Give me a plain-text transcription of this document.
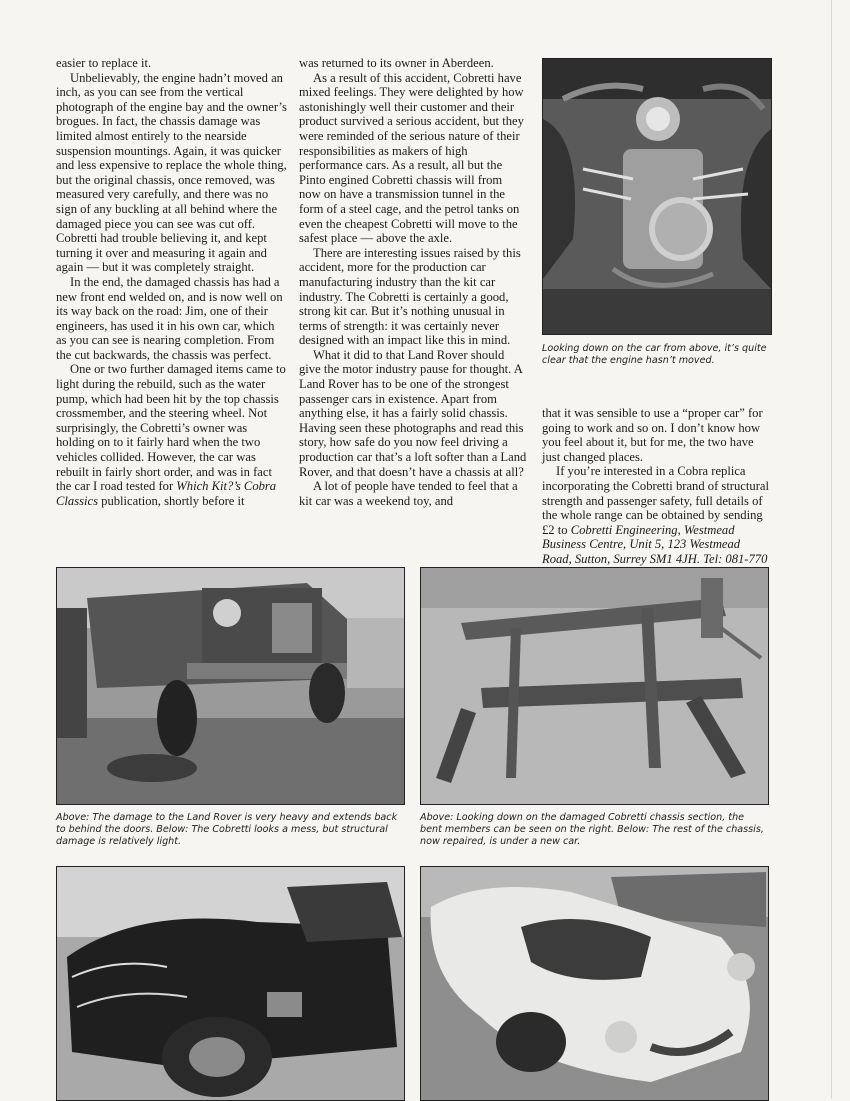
easier to replace it.

Unbelievably, the engine hadn’t moved an inch, as you can see from the vertical photograph of the engine bay and the owner’s brogues. In fact, the chassis damage was limited almost entirely to the nearside suspension mountings. Again, it was quicker and less expensive to replace the whole thing, but the original chassis, once removed, was measured very carefully, and there was no sign of any buckling at all behind where the damaged piece you can see was cut off. Cobretti had trouble believing it, and kept turning it over and measuring it again and again — but it was completely straight.

In the end, the damaged chassis has had a new front end welded on, and is now well on its way back on the road: Jim, one of their engineers, has used it in his own car, which as you can see is nearing completion. From the cut backwards, the chassis was perfect.

One or two further damaged items came to light during the rebuild, such as the water pump, which had been hit by the top chassis crossmember, and the steering wheel. Not surprisingly, the Cobretti’s owner was holding on to it fairly hard when the two vehicles collided. However, the car was rebuilt in fairly short order, and was in fact the car I road tested for Which Kit?’s Cobra Classics publication, shortly before it

was returned to its owner in Aberdeen.

As a result of this accident, Cobretti have mixed feelings. They were delighted by how astonishingly well their customer and their product survived a serious accident, but they were reminded of the serious nature of their responsibilities as makers of high performance cars. As a result, all but the Pinto engined Cobretti chassis will from now on have a transmission tunnel in the form of a steel cage, and the petrol tanks on even the cheapest Cobretti will move to the safest place — above the axle.

There are interesting issues raised by this accident, more for the production car manufacturing industry than the kit car industry. The Cobretti is certainly a good, strong kit car. But it’s nothing unusual in terms of strength: it was certainly never designed with an impact like this in mind.

What it did to that Land Rover should give the motor industry pause for thought. A Land Rover has to be one of the strongest passenger cars in existence. Apart from anything else, it has a fairly solid chassis. Having seen these photographs and read this story, how safe do you now feel driving a production car that’s a loft softer than a Land Rover, and that doesn’t have a chassis at all?

A lot of people have tended to feel that a kit car was a weekend toy, and

Looking down on the car from above, it’s quite clear that the engine hasn’t moved.

that it was sensible to use a “proper car” for going to work and so on. I don’t know how you feel about it, but for me, the two have just changed places.

If you’re interested in a Cobra replica incorporating the Cobretti brand of structural strength and passenger safety, full details of the whole range can be obtained by sending £2 to Cobretti Engineering, Westmead Business Centre, Unit 5, 123 Westmead Road, Sutton, Surrey SM1 4JH. Tel: 081-770

Above: The damage to the Land Rover is very heavy and extends back to behind the doors. Below: The Cobretti looks a mess, but structural damage is relatively light.
Above: Looking down on the damaged Cobretti chassis section, the bent members can be seen on the right. Below: The rest of the chassis, now repaired, is under a new car.
